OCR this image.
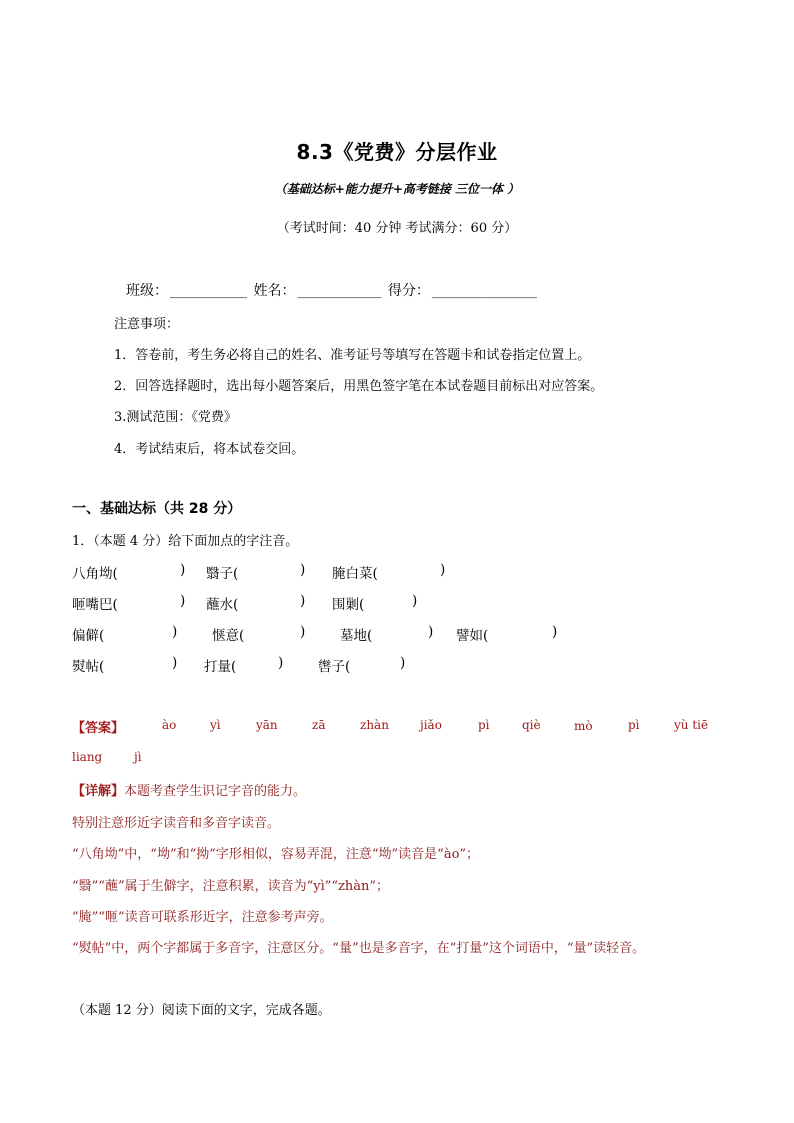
8.3《党费》分层作业
（基础达标+能力提升+高考链接 三位一体 ）
（考试时间：40 分钟 考试满分：60 分）
班级： ___________ 姓名： ____________ 得分： _______________
注意事项：
1．答卷前，考生务必将自己的姓名、准考证号等填写在答题卡和试卷指定位置上。
2．回答选择题时，选出每小题答案后，用黑色签字笔在本试卷题目前标出对应答案。
3.测试范围：《党费》
4．考试结束后，将本试卷交回。
一、基础达标（共 28 分）
1．（本题 4 分）给下面加点的字注音。
八角坳(	) 翳子(	) 腌白菜(	)
咂嘴巴(	) 蘸水(	) 围剿(	)
偏僻(	)	惬意(	)	墓地(	) 譬如(	)
熨帖(	) 打量(	)	辔子(	)
【答案】	ào	yì	yān	zā	zhàn	jiǎo	pì	qiè	mò	pì	yù tiē
liang	jì
【详解】本题考查学生识记字音的能力。
特别注意形近字读音和多音字读音。
“八角坳”中，“坳”和“拗”字形相似，容易弄混，注意“坳”读音是“ào”；
“翳”“蘸”属于生僻字，注意积累，读音为“yì”“zhàn”；
“腌”“咂”读音可联系形近字，注意参考声旁。
“熨帖”中，两个字都属于多音字，注意区分。“量”也是多音字，在“打量”这个词语中，“量”读轻音。
（本题 12 分）阅读下面的文字，完成各题。
